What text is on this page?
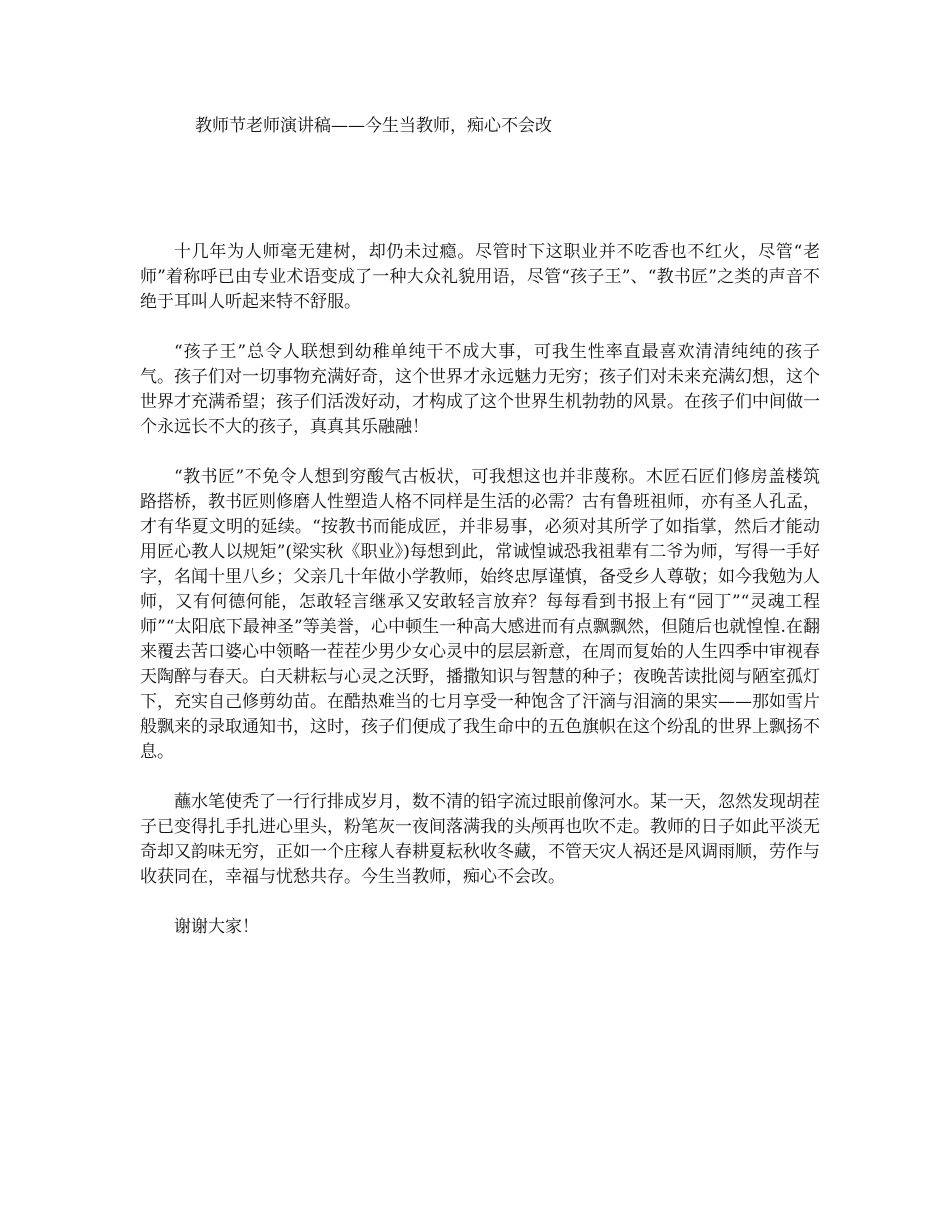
教师节老师演讲稿——今生当教师，痴心不会改

十几年为人师毫无建树，却仍未过瘾。尽管时下这职业并不吃香也不红火，尽管“老师”着称呼已由专业术语变成了一种大众礼貌用语，尽管“孩子王”、“教书匠”之类的声音不绝于耳叫人听起来特不舒服。

“孩子王”总令人联想到幼稚单纯干不成大事，可我生性率直最喜欢清清纯纯的孩子气。孩子们对一切事物充满好奇，这个世界才永远魅力无穷；孩子们对未来充满幻想，这个世界才充满希望；孩子们活泼好动，才构成了这个世界生机勃勃的风景。在孩子们中间做一个永远长不大的孩子，真真其乐融融！

“教书匠”不免令人想到穷酸气古板状，可我想这也并非蔑称。木匠石匠们修房盖楼筑路搭桥，教书匠则修磨人性塑造人格不同样是生活的必需？古有鲁班祖师，亦有圣人孔孟，才有华夏文明的延续。“按教书而能成匠，并非易事，必须对其所学了如指掌，然后才能动用匠心教人以规矩”(梁实秋《职业》)每想到此，常诚惶诚恐我祖辈有二爷为师，写得一手好字，名闻十里八乡；父亲几十年做小学教师，始终忠厚谨慎，备受乡人尊敬；如今我勉为人师，又有何德何能，怎敢轻言继承又安敢轻言放弃？每每看到书报上有“园丁”“灵魂工程师”“太阳底下最神圣”等美誉，心中顿生一种高大感进而有点飘飘然，但随后也就惶惶.在翻来覆去苦口婆心中领略一茬茬少男少女心灵中的层层新意，在周而复始的人生四季中审视春天陶醉与春天。白天耕耘与心灵之沃野，播撒知识与智慧的种子；夜晚苦读批阅与陋室孤灯下，充实自己修剪幼苗。在酷热难当的七月享受一种饱含了汗滴与泪滴的果实——那如雪片般飘来的录取通知书，这时，孩子们便成了我生命中的五色旗帜在这个纷乱的世界上飘扬不息。

蘸水笔使秃了一行行排成岁月，数不清的铅字流过眼前像河水。某一天，忽然发现胡茬子已变得扎手扎进心里头，粉笔灰一夜间落满我的头颅再也吹不走。教师的日子如此平淡无奇却又韵味无穷，正如一个庄稼人春耕夏耘秋收冬藏，不管天灾人祸还是风调雨顺，劳作与收获同在，幸福与忧愁共存。今生当教师，痴心不会改。

谢谢大家！
